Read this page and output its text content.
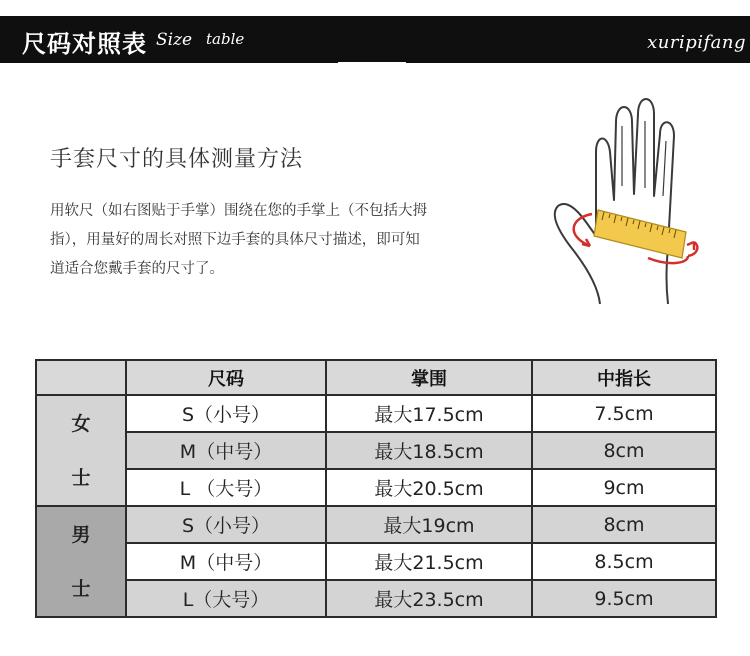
尺码对照表 Size table	xuripifang
手套尺寸的具体测量方法
用软尺（如右图贴于手掌）围绕在您的手掌上（不包括大拇
指），用量好的周长对照下边手套的具体尺寸描述，即可知
道适合您戴手套的尺寸了。
	尺码	掌围	中指长

女
士	S（小号）	最大17.5cm	7.5cm
	M（中号）	最大18.5cm	8cm
	L （大号）	最大20.5cm	9cm

男
士	S（小号）	最大19cm	8cm
	M（中号）	最大21.5cm	8.5cm
	L（大号）	最大23.5cm	9.5cm
